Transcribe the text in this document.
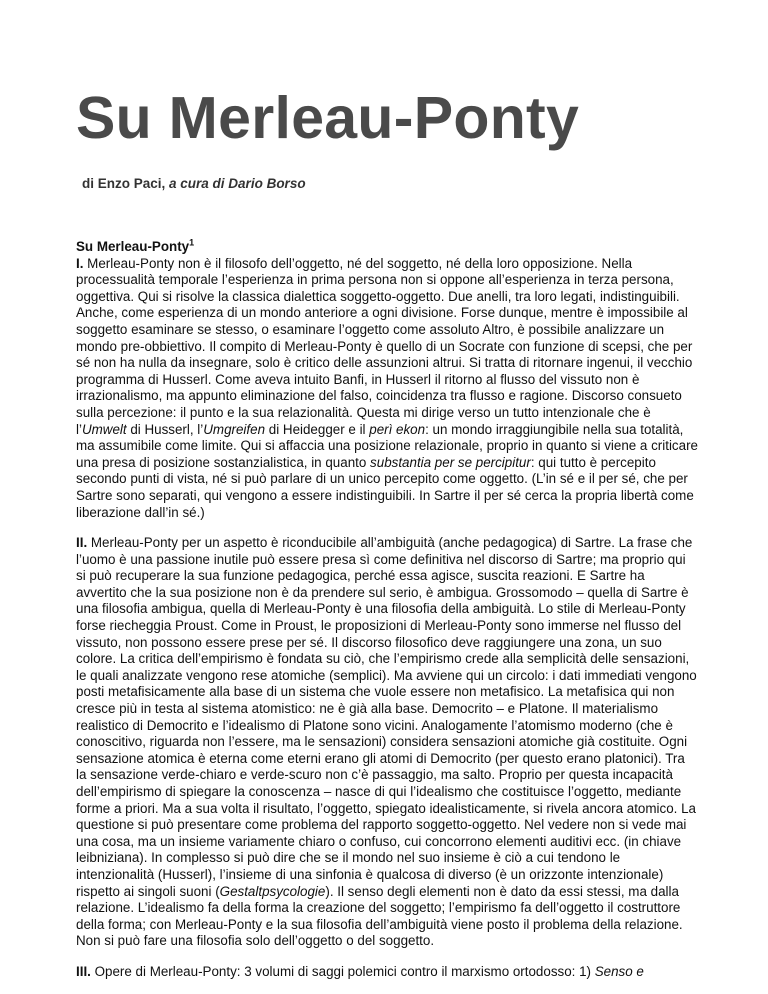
Su Merleau-Ponty
di Enzo Paci, a cura di Dario Borso
Su Merleau-Ponty$^1$

I. Merleau-Ponty non è il filosofo dell’oggetto, né del soggetto, né della loro opposizione. Nella processualità temporale l’esperienza in prima persona non si oppone all’esperienza in terza persona, oggettiva. Qui si risolve la classica dialettica soggetto-oggetto. Due anelli, tra loro legati, indistinguibili. Anche, come esperienza di un mondo anteriore a ogni divisione. Forse dunque, mentre è impossibile al soggetto esaminare se stesso, o esaminare l’oggetto come assoluto Altro, è possibile analizzare un mondo pre-obbiettivo. Il compito di Merleau-Ponty è quello di un Socrate con funzione di scepsi, che per sé non ha nulla da insegnare, solo è critico delle assunzioni altrui. Si tratta di ritornare ingenui, il vecchio programma di Husserl. Come aveva intuito Banfi, in Husserl il ritorno al flusso del vissuto non è irrazionalismo, ma appunto eliminazione del falso, coincidenza tra flusso e ragione. Discorso consueto sulla percezione: il punto e la sua relazionalità. Questa mi dirige verso un tutto intenzionale che è l’Umwelt di Husserl, l’Umgreifen di Heidegger e il perì ekon: un mondo irraggiungibile nella sua totalità, ma assumibile come limite. Qui si affaccia una posizione relazionale, proprio in quanto si viene a criticare una presa di posizione sostanzialistica, in quanto substantia per se percipitur: qui tutto è percepito secondo punti di vista, né si può parlare di un unico percepito come oggetto. (L’in sé e il per sé, che per Sartre sono separati, qui vengono a essere indistinguibili. In Sartre il per sé cerca la propria libertà come liberazione dall’in sé.)

II. Merleau-Ponty per un aspetto è riconducibile all’ambiguità (anche pedagogica) di Sartre. La frase che l’uomo è una passione inutile può essere presa sì come definitiva nel discorso di Sartre; ma proprio qui si può recuperare la sua funzione pedagogica, perché essa agisce, suscita reazioni. E Sartre ha avvertito che la sua posizione non è da prendere sul serio, è ambigua. Grossomodo – quella di Sartre è una filosofia ambigua, quella di Merleau-Ponty è una filosofia della ambiguità. Lo stile di Merleau-Ponty forse riecheggia Proust. Come in Proust, le proposizioni di Merleau-Ponty sono immerse nel flusso del vissuto, non possono essere prese per sé. Il discorso filosofico deve raggiungere una zona, un suo colore. La critica dell’empirismo è fondata su ciò, che l’empirismo crede alla semplicità delle sensazioni, le quali analizzate vengono rese atomiche (semplici). Ma avviene qui un circolo: i dati immediati vengono posti metafisicamente alla base di un sistema che vuole essere non metafisico. La metafisica qui non cresce più in testa al sistema atomistico: ne è già alla base. Democrito – e Platone. Il materialismo realistico di Democrito e l’idealismo di Platone sono vicini. Analogamente l’atomismo moderno (che è conoscitivo, riguarda non l’essere, ma le sensazioni) considera sensazioni atomiche già costituite. Ogni sensazione atomica è eterna come eterni erano gli atomi di Democrito (per questo erano platonici). Tra la sensazione verde-chiaro e verde-scuro non c’è passaggio, ma salto. Proprio per questa incapacità dell’empirismo di spiegare la conoscenza – nasce di qui l’idealismo che costituisce l’oggetto, mediante forme a priori. Ma a sua volta il risultato, l’oggetto, spiegato idealisticamente, si rivela ancora atomico. La questione si può presentare come problema del rapporto soggetto-oggetto. Nel vedere non si vede mai una cosa, ma un insieme variamente chiaro o confuso, cui concorrono elementi auditivi ecc. (in chiave leibniziana). In complesso si può dire che se il mondo nel suo insieme è ciò a cui tendono le intenzionalità (Husserl), l’insieme di una sinfonia è qualcosa di diverso (è un orizzonte intenzionale) rispetto ai singoli suoni (Gestaltpsycologie). Il senso degli elementi non è dato da essi stessi, ma dalla relazione. L’idealismo fa della forma la creazione del soggetto; l’empirismo fa dell’oggetto il costruttore della forma; con Merleau-Ponty e la sua filosofia dell’ambiguità viene posto il problema della relazione. Non si può fare una filosofia solo dell’oggetto o del soggetto.

III. Opere di Merleau-Ponty: 3 volumi di saggi polemici contro il marxismo ortodosso: 1) Senso e
